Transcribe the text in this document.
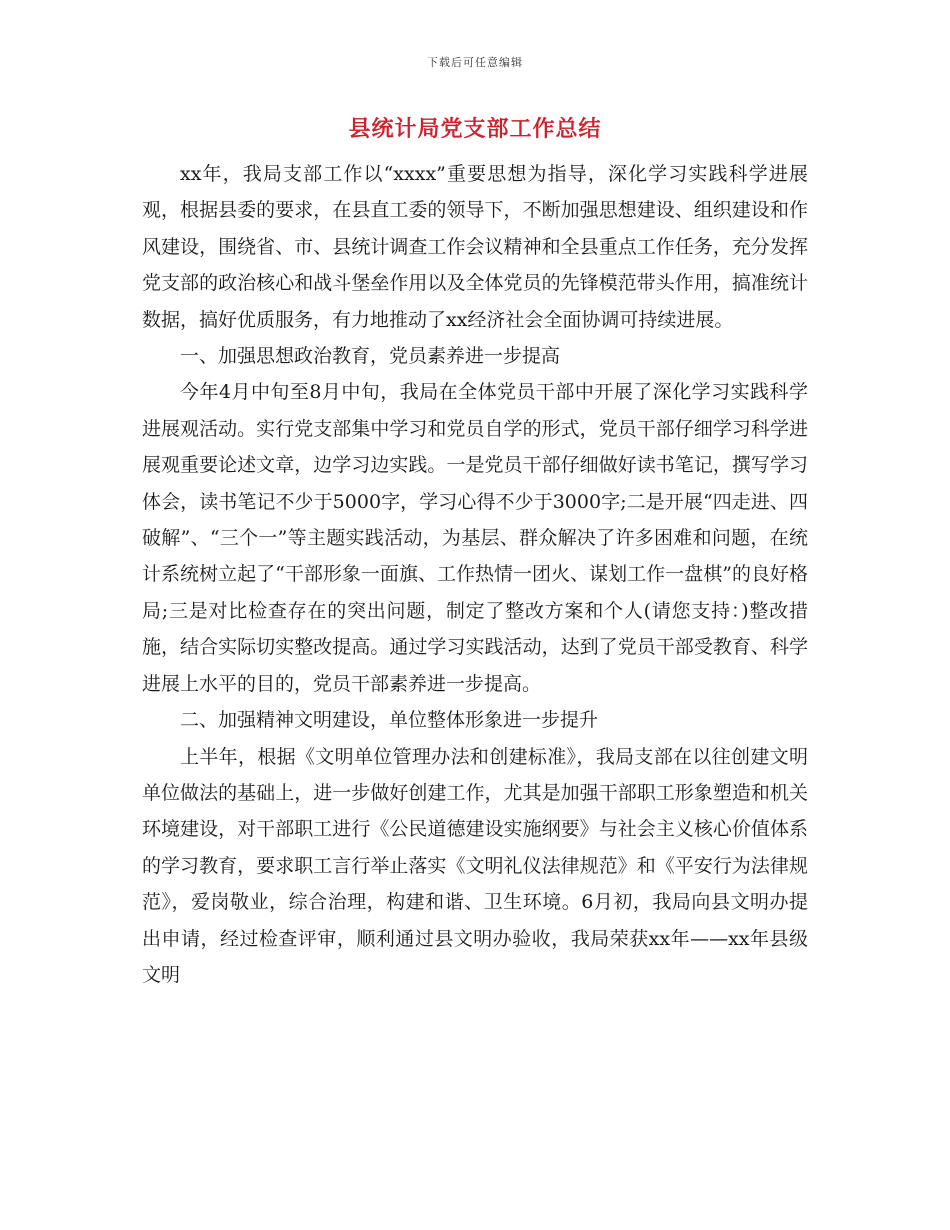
下载后可任意编辑
县统计局党支部工作总结

xx年，我局支部工作以“xxxx”重要思想为指导，深化学习实践科学进展观，根据县委的要求，在县直工委的领导下，不断加强思想建设、组织建设和作风建设，围绕省、市、县统计调查工作会议精神和全县重点工作任务，充分发挥党支部的政治核心和战斗堡垒作用以及全体党员的先锋模范带头作用，搞准统计数据，搞好优质服务，有力地推动了xx经济社会全面协调可持续进展。

一、加强思想政治教育，党员素养进一步提高

今年4月中旬至8月中旬，我局在全体党员干部中开展了深化学习实践科学进展观活动。实行党支部集中学习和党员自学的形式，党员干部仔细学习科学进展观重要论述文章，边学习边实践。一是党员干部仔细做好读书笔记，撰写学习体会，读书笔记不少于5000字，学习心得不少于3000字;二是开展“四走进、四破解”、“三个一”等主题实践活动，为基层、群众解决了许多困难和问题，在统计系统树立起了“干部形象一面旗、工作热情一团火、谋划工作一盘棋”的良好格局;三是对比检查存在的突出问题，制定了整改方案和个人(请您支持：)整改措施，结合实际切实整改提高。通过学习实践活动，达到了党员干部受教育、科学进展上水平的目的，党员干部素养进一步提高。

二、加强精神文明建设，单位整体形象进一步提升

上半年，根据《文明单位管理办法和创建标准》，我局支部在以往创建文明单位做法的基础上，进一步做好创建工作，尤其是加强干部职工形象塑造和机关环境建设，对干部职工进行《公民道德建设实施纲要》与社会主义核心价值体系的学习教育，要求职工言行举止落实《文明礼仪法律规范》和《平安行为法律规范》，爱岗敬业，综合治理，构建和谐、卫生环境。6月初，我局向县文明办提出申请，经过检查评审，顺利通过县文明办验收，我局荣获xx年——xx年县级文明
